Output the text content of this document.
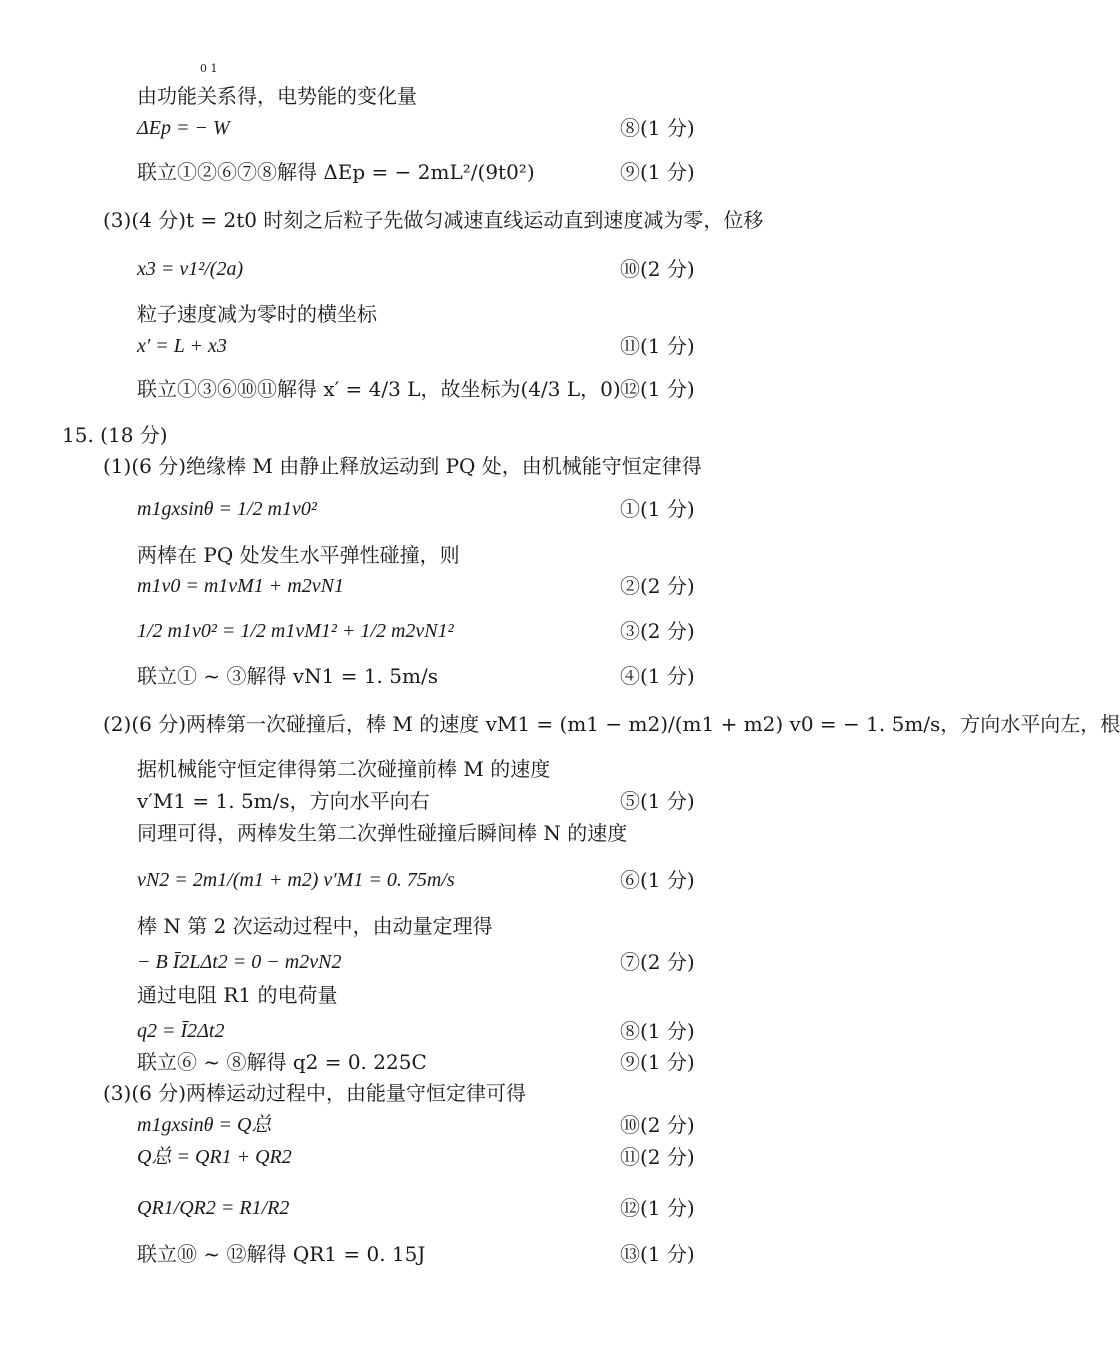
0 1
由功能关系得，电势能的变化量
ΔEp = − W	⑧(1 分)
联立①②⑥⑦⑧解得 ΔEp = − 2mL²/(9t0²)	⑨(1 分)
(3)(4 分)t = 2t0 时刻之后粒子先做匀减速直线运动直到速度减为零，位移
x3 = v1²/(2a)	⑩(2 分)
粒子速度减为零时的横坐标
x′ = L + x3	⑪(1 分)
联立①③⑥⑩⑪解得 x′ = 4/3 L，故坐标为(4/3 L，0) ⑫(1 分)
15. (18 分)
(1)(6 分)绝缘棒 M 由静止释放运动到 PQ 处，由机械能守恒定律得
m1gxsinθ = 1/2 m1v0²	①(1 分)
两棒在 PQ 处发生水平弹性碰撞，则
m1v0 = m1vM1 + m2vN1	②(2 分)
1/2 m1v0² = 1/2 m1vM1² + 1/2 m2vN1²	③(2 分)
联立① ~ ③解得 vN1 = 1. 5m/s	④(1 分)
(2)(6 分)两棒第一次碰撞后，棒 M 的速度 vM1 = (m1 − m2)/(m1 + m2) v0 = − 1. 5m/s，方向水平向左，根
据机械能守恒定律得第二次碰撞前棒 M 的速度
v′M1 = 1. 5m/s，方向水平向右	⑤(1 分)
同理可得，两棒发生第二次弹性碰撞后瞬间棒 N 的速度
vN2 = 2m1/(m1 + m2) v′M1 = 0. 75m/s	⑥(1 分)
棒 N 第 2 次运动过程中，由动量定理得
− B Ī2LΔt2 = 0 − m2vN2	⑦(2 分)
通过电阻 R1 的电荷量
q2 = Ī2Δt2	⑧(1 分)
联立⑥ ~ ⑧解得 q2 = 0. 225C	⑨(1 分)
(3)(6 分)两棒运动过程中，由能量守恒定律可得
m1gxsinθ = Q总	⑩(2 分)
Q总 = QR1 + QR2	⑪(2 分)
QR1/QR2 = R1/R2	⑫(1 分)
联立⑩ ~ ⑫解得 QR1 = 0. 15J	⑬(1 分)
